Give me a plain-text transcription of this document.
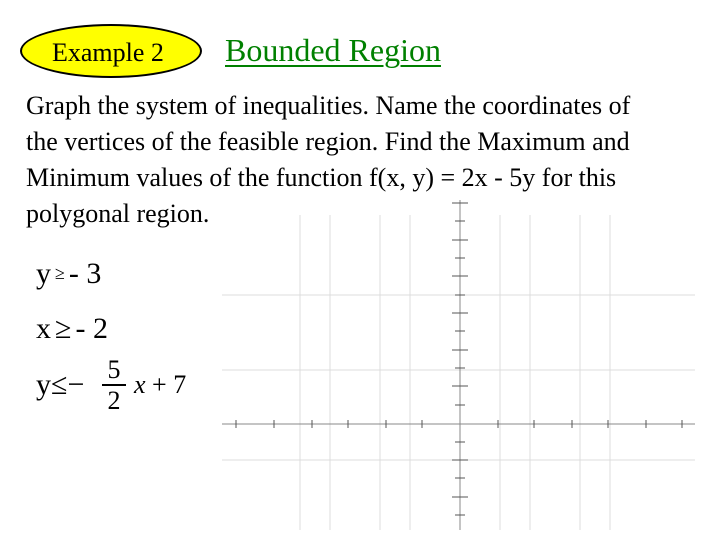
Example 2 Bounded Region
Graph the system of inequalities. Name the coordinates of
the vertices of the feasible region. Find the Maximum and
Minimum values of the function f(x, y) = 2x - 5y for this
polygonal region.
y ≥ - 3
x ≥ - 2
y≤− 5
2
x + 7
